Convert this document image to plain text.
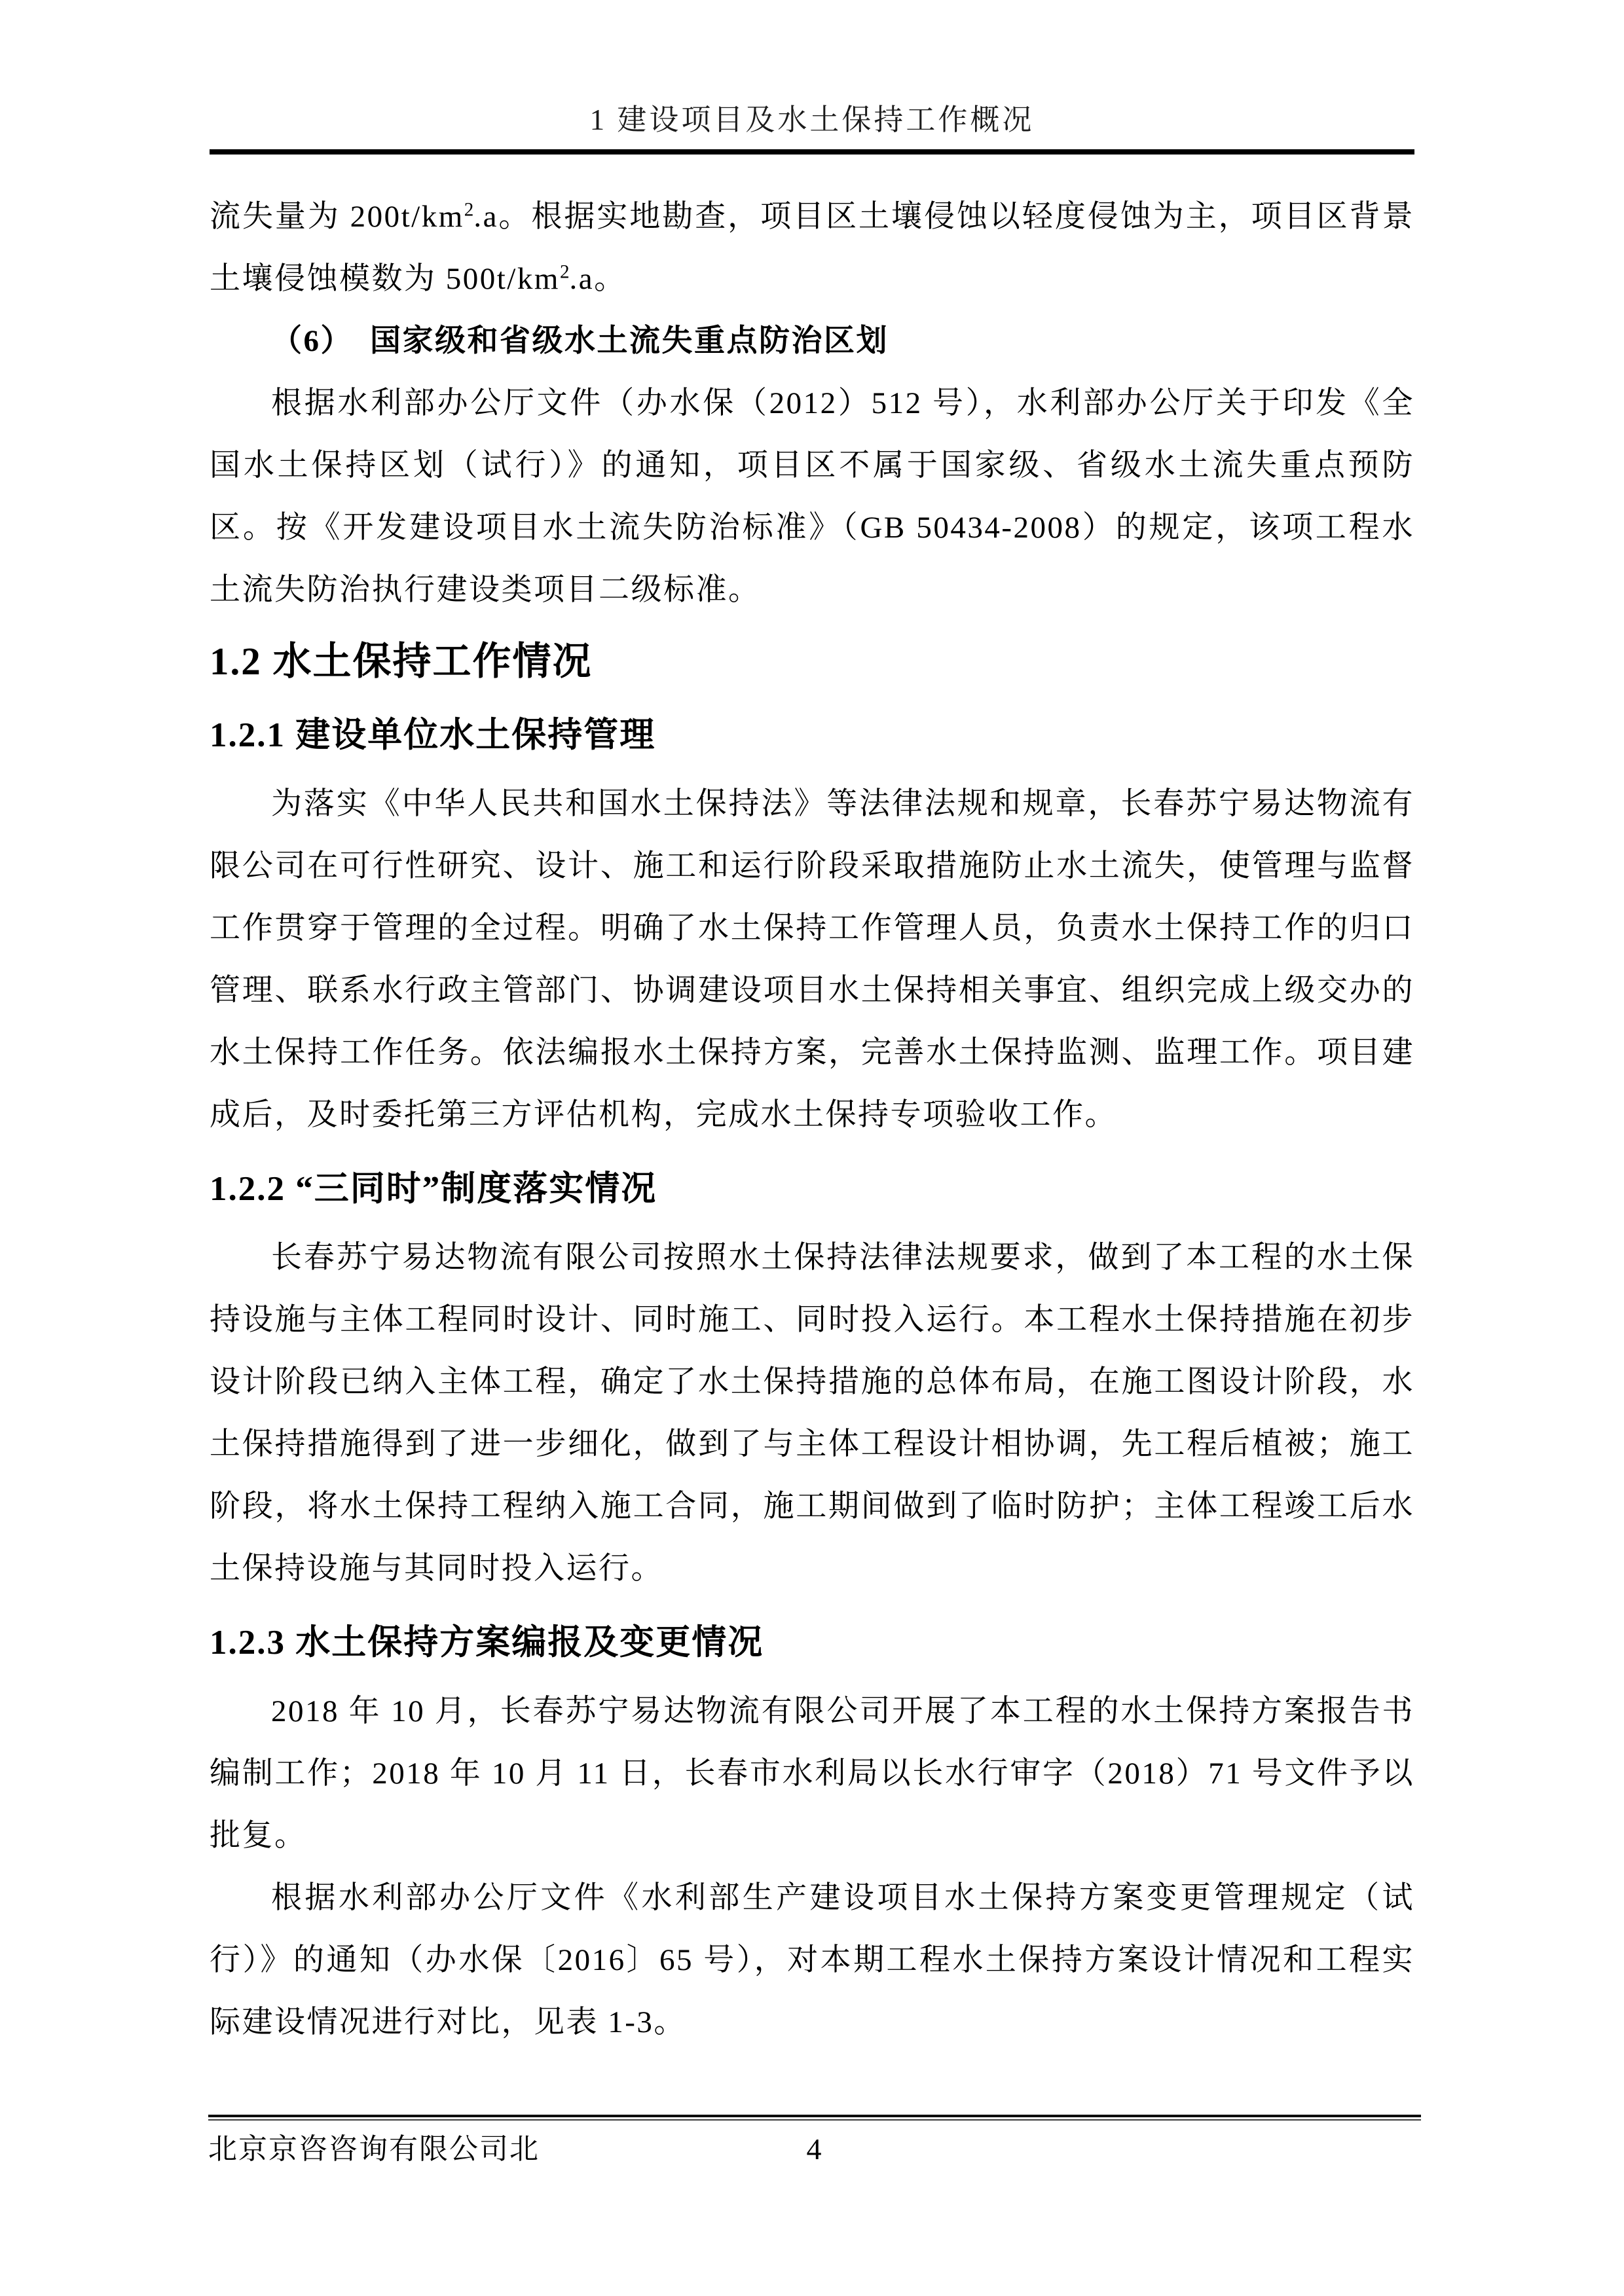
1 建设项目及水土保持工作概况

流失量为 $200t/km^2.a$。根据实地勘查，项目区土壤侵蚀以轻度侵蚀为主，项目区背景土壤侵蚀模数为 $500t/km^2.a$。

（6）　国家级和省级水土流失重点防治区划

根据水利部办公厅文件（办水保（2012）512 号），水利部办公厅关于印发《全国水土保持区划（试行）》的通知，项目区不属于国家级、省级水土流失重点预防区。按《开发建设项目水土流失防治标准》（GB 50434-2008）的规定，该项工程水土流失防治执行建设类项目二级标准。

1.2 水土保持工作情况
1.2.1 建设单位水土保持管理

为落实《中华人民共和国水土保持法》等法律法规和规章，长春苏宁易达物流有限公司在可行性研究、设计、施工和运行阶段采取措施防止水土流失，使管理与监督工作贯穿于管理的全过程。明确了水土保持工作管理人员，负责水土保持工作的归口管理、联系水行政主管部门、协调建设项目水土保持相关事宜、组织完成上级交办的水土保持工作任务。依法编报水土保持方案，完善水土保持监测、监理工作。项目建成后，及时委托第三方评估机构，完成水土保持专项验收工作。

1.2.2 “三同时”制度落实情况

长春苏宁易达物流有限公司按照水土保持法律法规要求，做到了本工程的水土保持设施与主体工程同时设计、同时施工、同时投入运行。本工程水土保持措施在初步设计阶段已纳入主体工程，确定了水土保持措施的总体布局，在施工图设计阶段，水土保持措施得到了进一步细化，做到了与主体工程设计相协调，先工程后植被；施工阶段，将水土保持工程纳入施工合同，施工期间做到了临时防护；主体工程竣工后水土保持设施与其同时投入运行。

1.2.3 水土保持方案编报及变更情况

2018 年 10 月，长春苏宁易达物流有限公司开展了本工程的水土保持方案报告书编制工作；2018 年 10 月 11 日，长春市水利局以长水行审字（2018）71 号文件予以批复。

根据水利部办公厅文件《水利部生产建设项目水土保持方案变更管理规定（试行）》的通知（办水保〔2016〕65 号），对本期工程水土保持方案设计情况和工程实际建设情况进行对比，见表 1-3。

北京京咨咨询有限公司北	4
